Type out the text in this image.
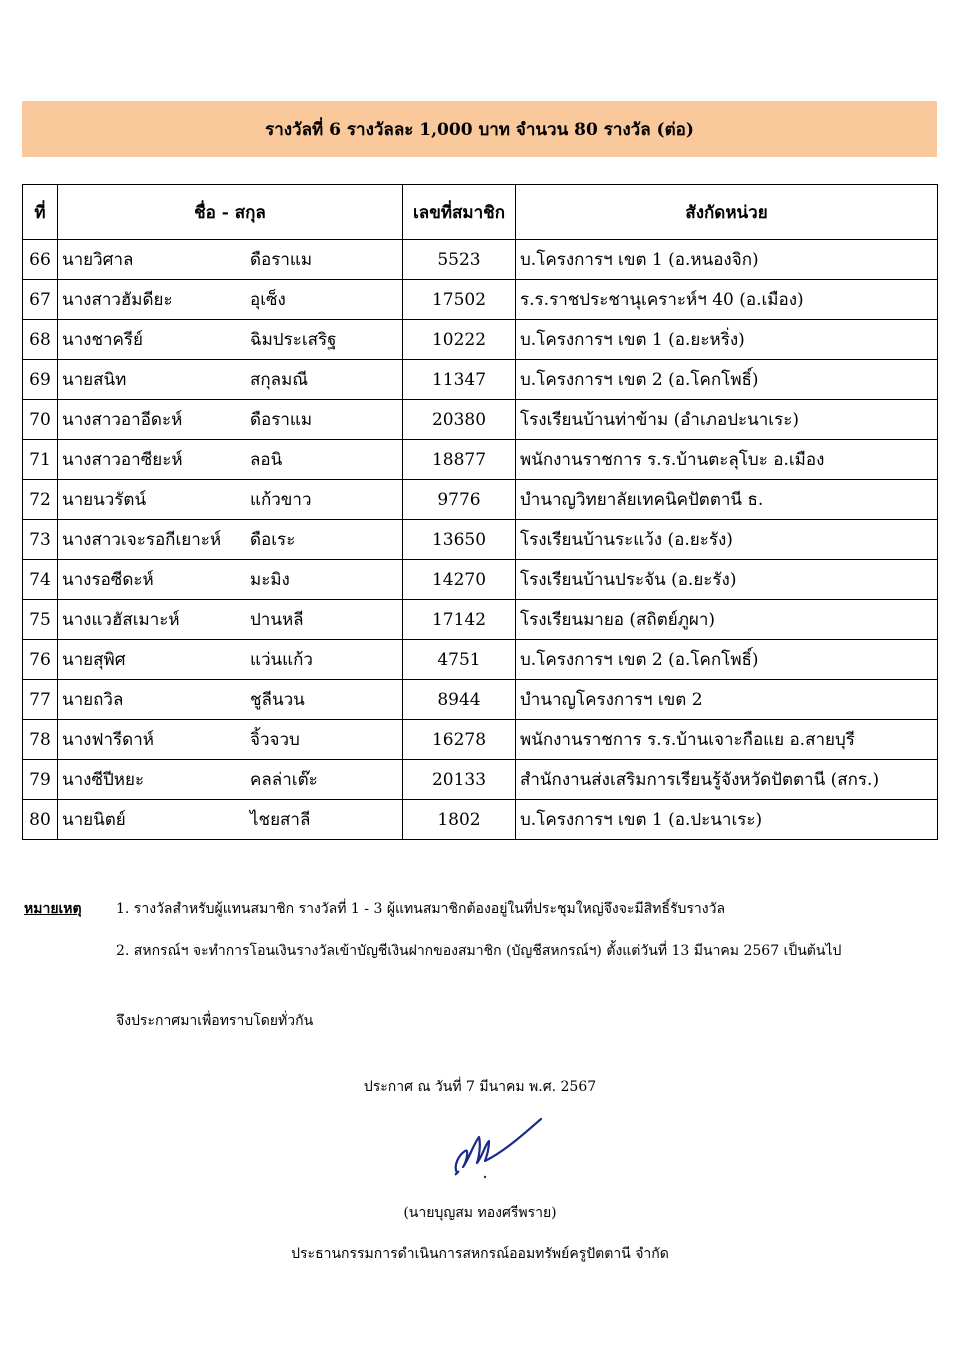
รางวัลที่ 6 รางวัลละ 1,000 บาท จำนวน 80 รางวัล (ต่อ)
ที่	ชื่อ - สกุล	เลขที่สมาชิก	สังกัดหน่วย
66	นายวิศาล ดือราแม	5523	บ.โครงการฯ เขต 1 (อ.หนองจิก)
67	นางสาวฮัมดียะ อุเซ็ง	17502	ร.ร.ราชประชานุเคราะห์ฯ 40 (อ.เมือง)
68	นางชาครีย์ ฉิมประเสริฐ	10222	บ.โครงการฯ เขต 1 (อ.ยะหริ่ง)
69	นายสนิท สกุลมณี	11347	บ.โครงการฯ เขต 2 (อ.โคกโพธิ์)
70	นางสาวอาอีดะห์ ดือราแม	20380	โรงเรียนบ้านท่าข้าม (อำเภอปะนาเระ)
71	นางสาวอาซียะห์ ลอนิ	18877	พนักงานราชการ ร.ร.บ้านตะลุโบะ อ.เมือง
72	นายนวรัตน์ แก้วขาว	9776	บำนาญวิทยาลัยเทคนิคปัตตานี ธ.
73	นางสาวเจะรอกีเยาะห์ ดือเระ	13650	โรงเรียนบ้านระแว้ง (อ.ยะรัง)
74	นางรอซีดะห์ มะมิง	14270	โรงเรียนบ้านประจัน (อ.ยะรัง)
75	นางแวฮัสเมาะห์ ปานหลี	17142	โรงเรียนมายอ (สถิตย์ภูผา)
76	นายสุพิศ แว่นแก้ว	4751	บ.โครงการฯ เขต 2 (อ.โคกโพธิ์)
77	นายถวิล ชูลีนวน	8944	บำนาญโครงการฯ เขต 2
78	นางฟารีดาห์ จิ้วจวบ	16278	พนักงานราชการ ร.ร.บ้านเจาะกือแย อ.สายบุรี
79	นางซีปีหยะ คลล่าเต๊ะ	20133	สำนักงานส่งเสริมการเรียนรู้จังหวัดปัตตานี (สกร.)
80	นายนิตย์ ไชยสาลี	1802	บ.โครงการฯ เขต 1 (อ.ปะนาเระ)
หมายเหตุ 1. รางวัลสำหรับผู้แทนสมาชิก รางวัลที่ 1 - 3 ผู้แทนสมาชิกต้องอยู่ในที่ประชุมใหญ่จึงจะมีสิทธิ์รับรางวัล
2. สหกรณ์ฯ จะทำการโอนเงินรางวัลเข้าบัญชีเงินฝากของสมาชิก (บัญชีสหกรณ์ฯ) ตั้งแต่วันที่ 13 มีนาคม 2567 เป็นต้นไป
จึงประกาศมาเพื่อทราบโดยทั่วกัน
ประกาศ ณ วันที่ 7 มีนาคม พ.ศ. 2567
(นายบุญสม ทองศรีพราย)
ประธานกรรมการดำเนินการสหกรณ์ออมทรัพย์ครูปัตตานี จำกัด
